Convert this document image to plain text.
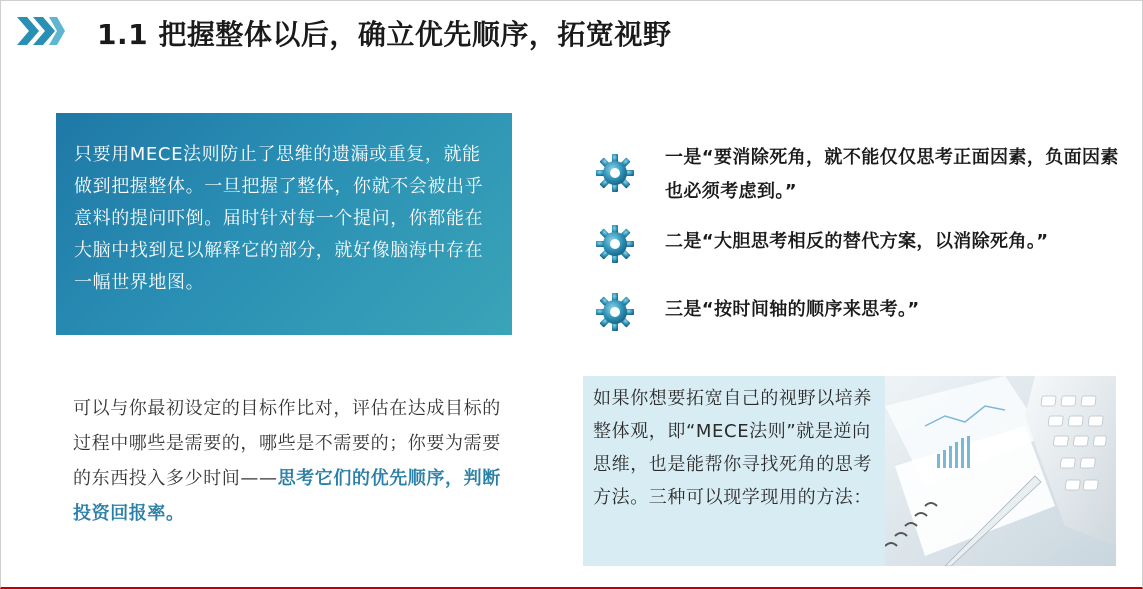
1.1 把握整体以后，确立优先顺序，拓宽视野

只要用MECE法则防止了思维的遗漏或重复，就能做到把握整体。一旦把握了整体，你就不会被出乎意料的提问吓倒。届时针对每一个提问，你都能在大脑中找到足以解释它的部分，就好像脑海中存在一幅世界地图。

一是“要消除死角，就不能仅仅思考正面因素，负面因素也必须考虑到。”

二是“大胆思考相反的替代方案，以消除死角。”

三是“按时间轴的顺序来思考。”

可以与你最初设定的目标作比对，评估在达成目标的过程中哪些是需要的，哪些是不需要的；你要为需要的东西投入多少时间——思考它们的优先顺序，判断投资回报率。

如果你想要拓宽自己的视野以培养整体观，即“MECE法则”就是逆向思维，也是能帮你寻找死角的思考方法。三种可以现学现用的方法：
